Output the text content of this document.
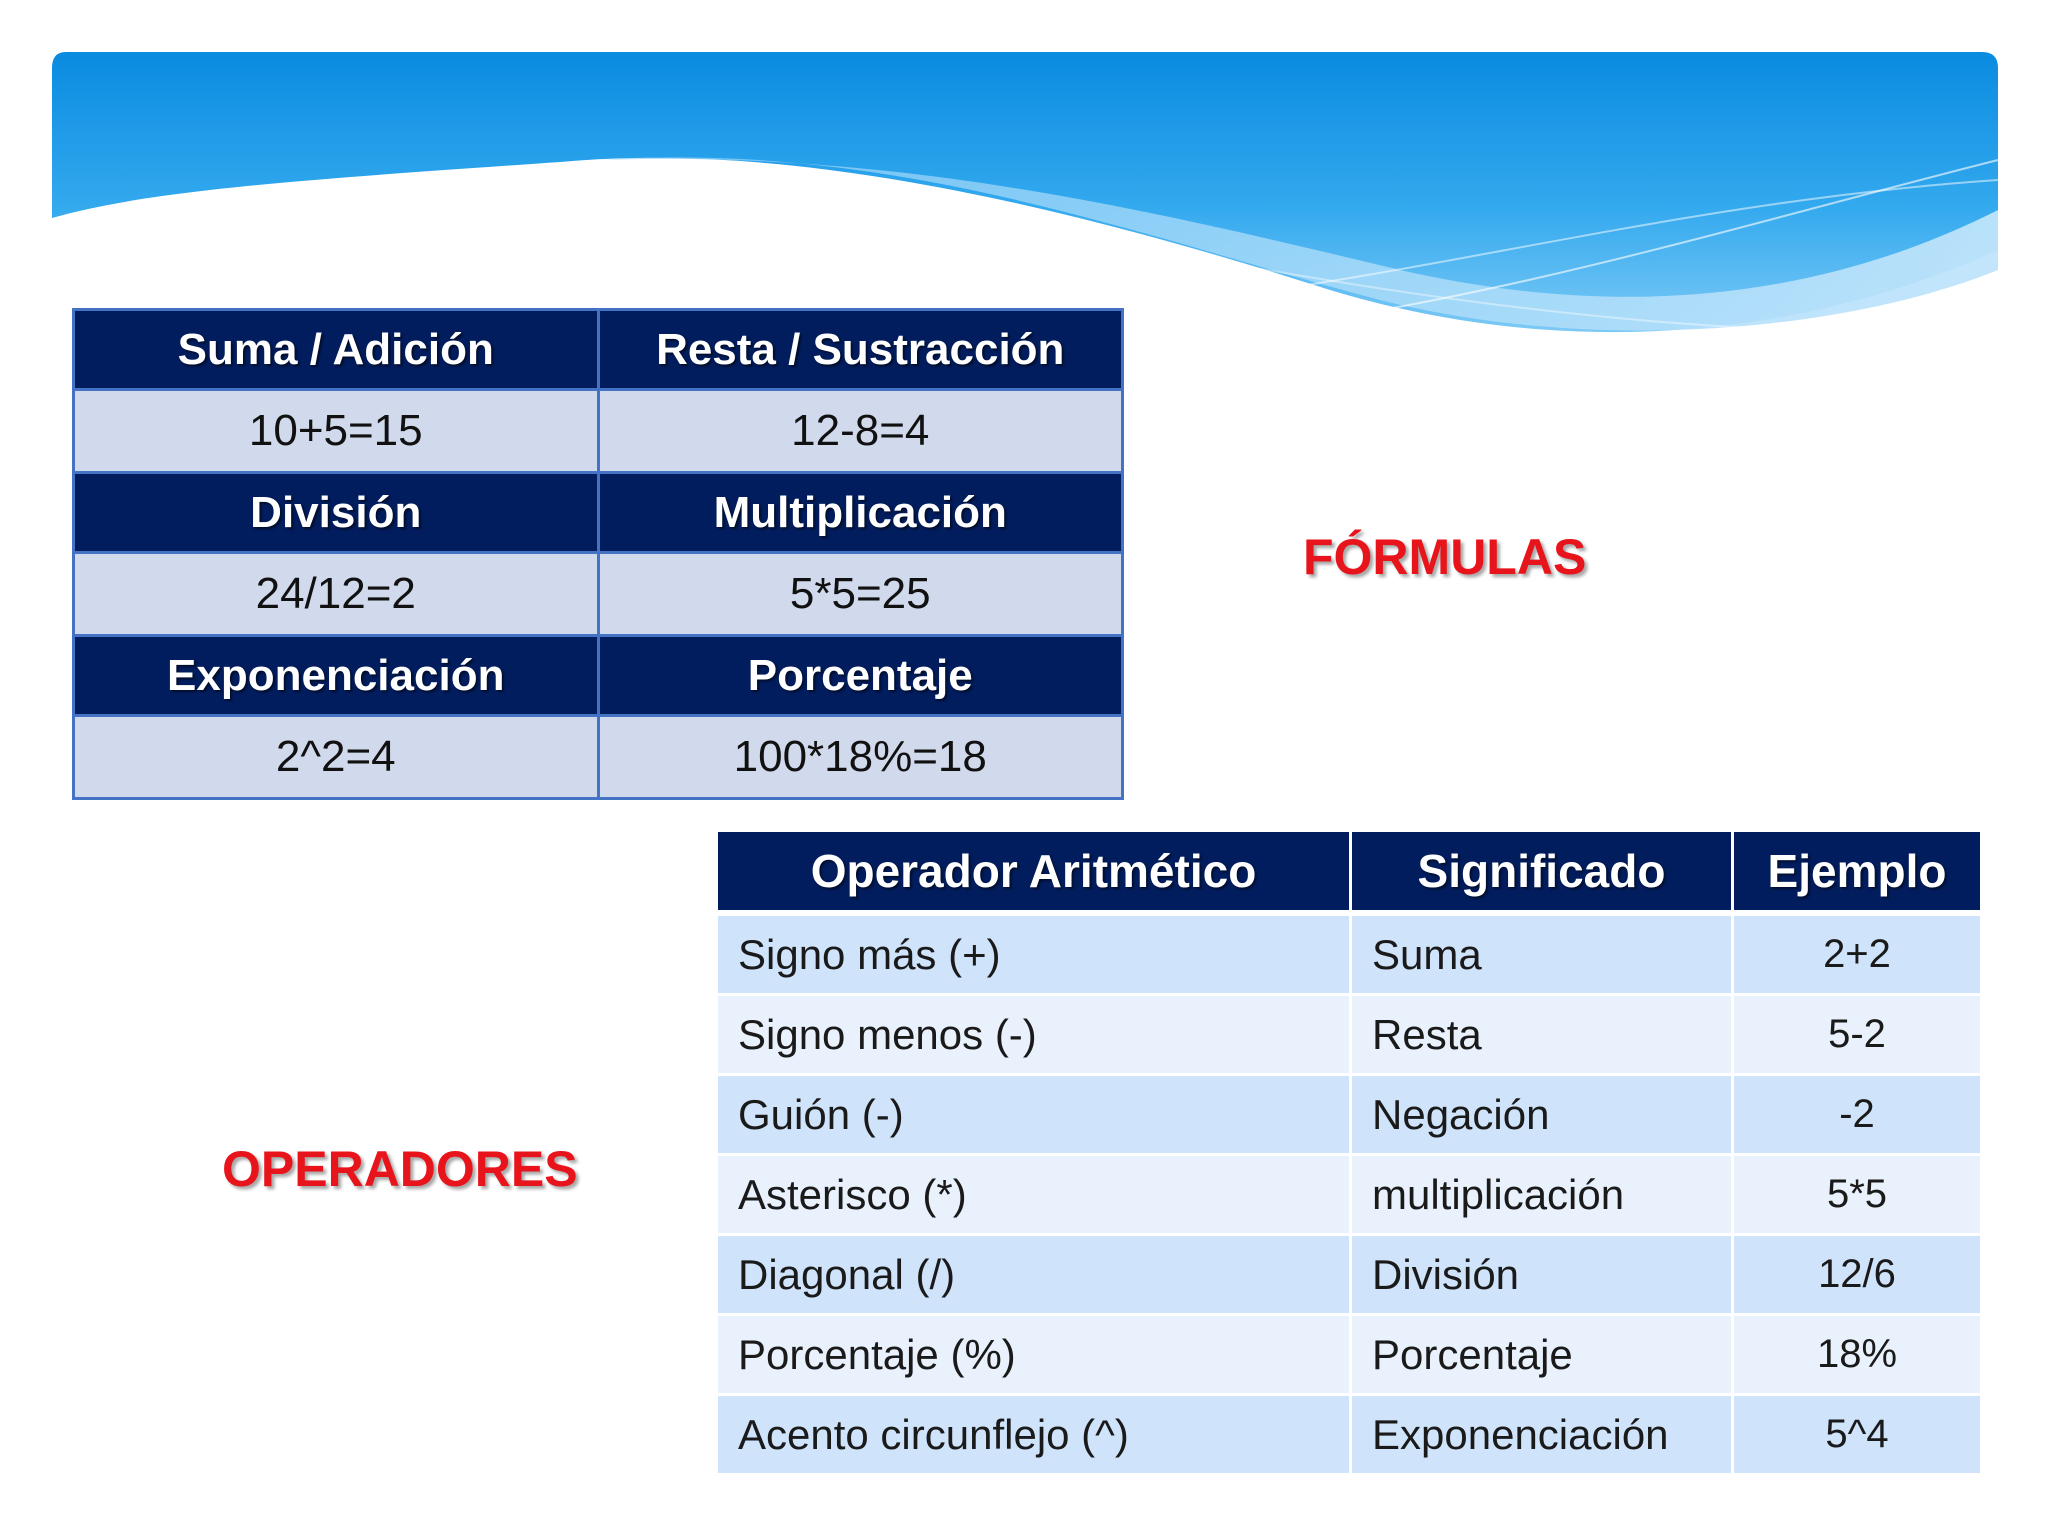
Suma / Adición	Resta / Sustracción
10+5=15	12-8=4
División	Multiplicación
24/12=2	5*5=25
Exponenciación	Porcentaje
2^2=4	100*18%=18
FÓRMULAS
OPERADORES
Operador Aritmético	Significado	Ejemplo
Signo más (+)	Suma	2+2
Signo menos (-)	Resta	5-2
Guión (-)	Negación	-2
Asterisco (*)	multiplicación	5*5
Diagonal (/)	División	12/6
Porcentaje (%)	Porcentaje	18%
Acento circunflejo (^)	Exponenciación	5^4
